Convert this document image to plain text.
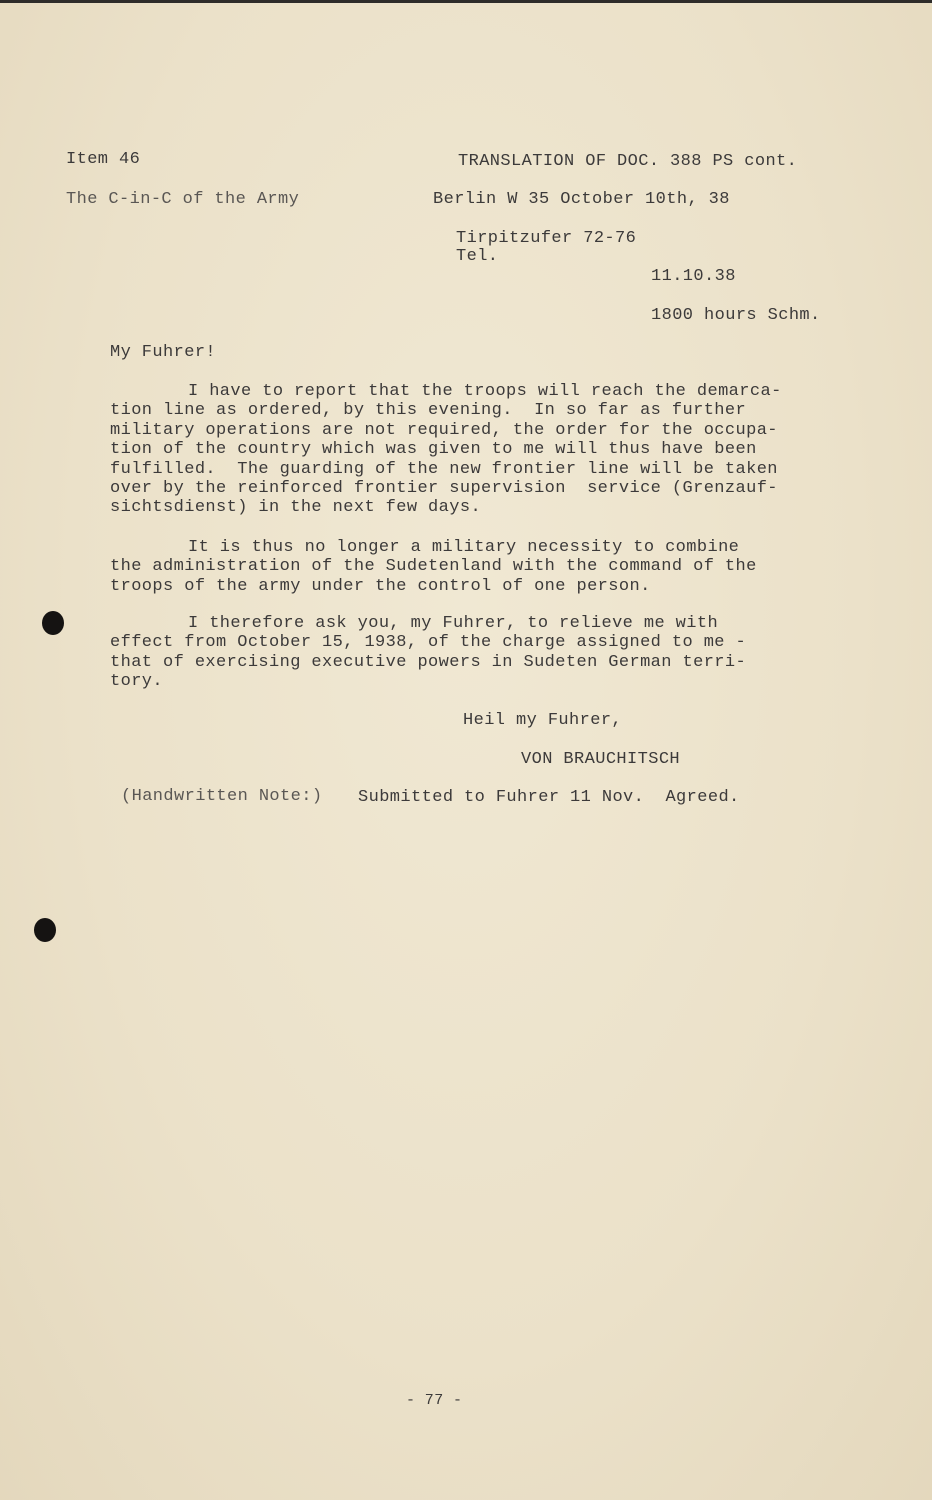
Item 46	TRANSLATION OF DOC. 388 PS cont.
The C-in-C of the Army	Berlin W 35 October 10th, 38
Tirpitzufer 72-76
Tel.
11.10.38
1800 hours Schm.
My Fuhrer!
I have to report that the troops will reach the demarca-
tion line as ordered, by this evening.  In so far as further
military operations are not required, the order for the occupa-
tion of the country which was given to me will thus have been
fulfilled.  The guarding of the new frontier line will be taken
over by the reinforced frontier supervision  service (Grenzauf-
sichtsdienst) in the next few days.
It is thus no longer a military necessity to combine
the administration of the Sudetenland with the command of the
troops of the army under the control of one person.
I therefore ask you, my Fuhrer, to relieve me with
effect from October 15, 1938, of the charge assigned to me -
that of exercising executive powers in Sudeten German terri-
tory.
Heil my Fuhrer,
VON BRAUCHITSCH
(Handwritten Note:) Submitted to Fuhrer 11 Nov.  Agreed.
- 77 -
